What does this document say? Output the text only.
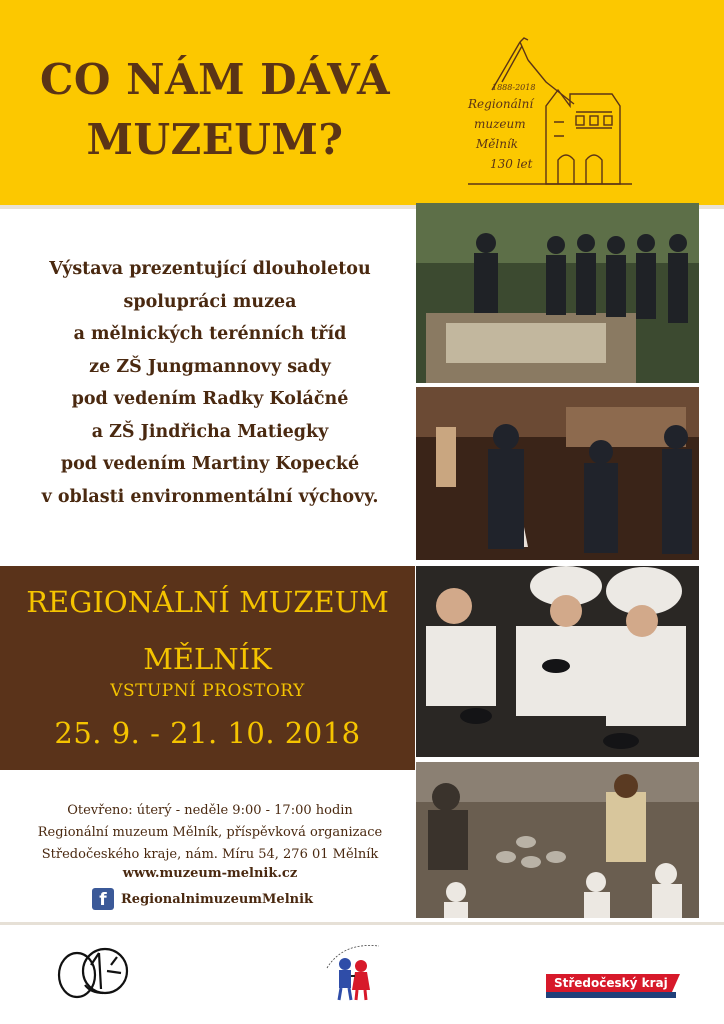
CO NÁM DÁVÁ
MUZEUM?
1888-2018
Regionální
muzeum
Mělník
130 let
Výstava prezentující dlouholetou
spolupráci muzea
a mělnických terénních tříd
ze ZŠ Jungmannovy sady
pod vedením Radky Koláčné
a ZŠ Jindřicha Matiegky
pod vedením Martiny Kopecké
v oblasti environmentální výchovy.
REGIONÁLNÍ MUZEUM
MĚLNÍK
VSTUPNÍ PROSTORY
25. 9. - 21. 10. 2018
Otevřeno: úterý - neděle 9:00 - 17:00 hodin
Regionální muzeum Mělník, příspěvková organizace
Středočeského kraje, nám. Míru 54, 276 01 Mělník
www.muzeum-melnik.cz
f	RegionalnimuzeumMelnik
Středočeský kraj
